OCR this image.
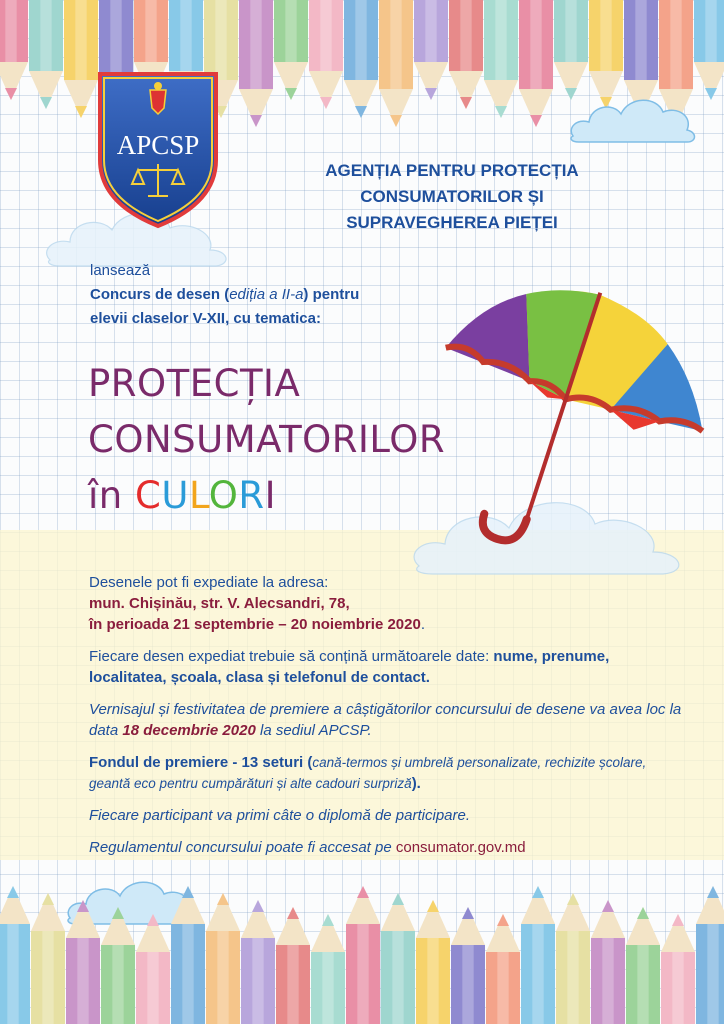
APCSP
AGENȚIA PENTRU PROTECȚIA
CONSUMATORILOR ȘI
SUPRAVEGHEREA PIEȚEI
lansează
Concurs de desen (ediția a II-a) pentru
elevii claselor V-XII, cu tematica:
PROTECȚIA
CONSUMATORILOR
în CULORI

Desenele pot fi expediate la adresa:
mun. Chișinău, str. V. Alecsandri, 78,
în perioada 21 septembrie – 20 noiembrie 2020.

Fiecare desen expediat trebuie să conțină următoarele date: nume, prenume, localitatea, școala, clasa și telefonul de contact.

Vernisajul și festivitatea de premiere a câștigătorilor concursului de desene va avea loc la data 18 decembrie 2020 la sediul APCSP.

Fondul de premiere - 13 seturi (cană-termos și umbrelă personalizate, rechizite școlare, geantă eco pentru cumpărături și alte cadouri surpriză).

Fiecare participant va primi câte o diplomă de participare.

Regulamentul concursului poate fi accesat pe consumator.gov.md
